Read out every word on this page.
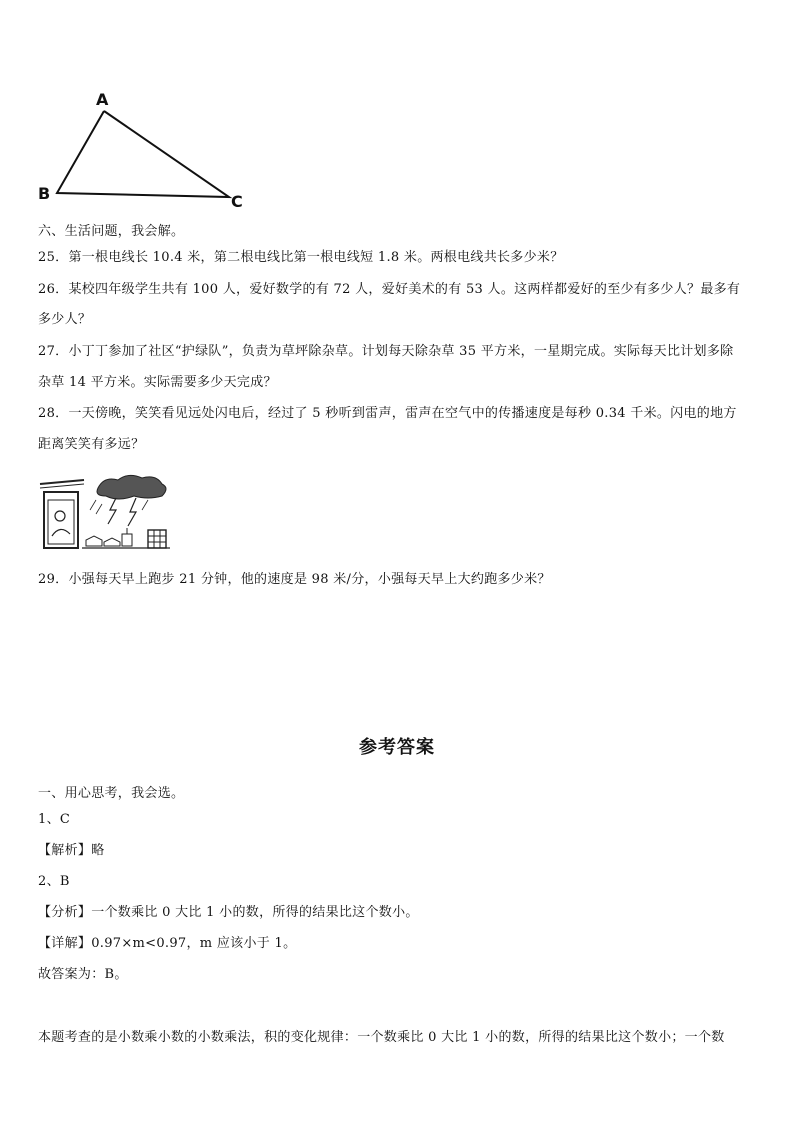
A
B	C
六、生活问题，我会解。
25．第一根电线长 10.4 米，第二根电线比第一根电线短 1.8 米。两根电线共长多少米？
26．某校四年级学生共有 100 人，爱好数学的有 72 人，爱好美术的有 53 人。这两样都爱好的至少有多少人？最多有
多少人？
27．小丁丁参加了社区“护绿队”，负责为草坪除杂草。计划每天除杂草 35 平方米，一星期完成。实际每天比计划多除
杂草 14 平方米。实际需要多少天完成？
28．一天傍晚，笑笑看见远处闪电后，经过了 5 秒听到雷声，雷声在空气中的传播速度是每秒 0.34 千米。闪电的地方
距离笑笑有多远？
29．小强每天早上跑步 21 分钟，他的速度是 98 米/分，小强每天早上大约跑多少米？
参考答案
一、用心思考，我会选。
1、C
【解析】略
2、B
【分析】一个数乘比 0 大比 1 小的数，所得的结果比这个数小。
【详解】0.97×m<0.97，m 应该小于 1。
故答案为：B。
本题考查的是小数乘小数的小数乘法，积的变化规律：一个数乘比 0 大比 1 小的数，所得的结果比这个数小；一个数
